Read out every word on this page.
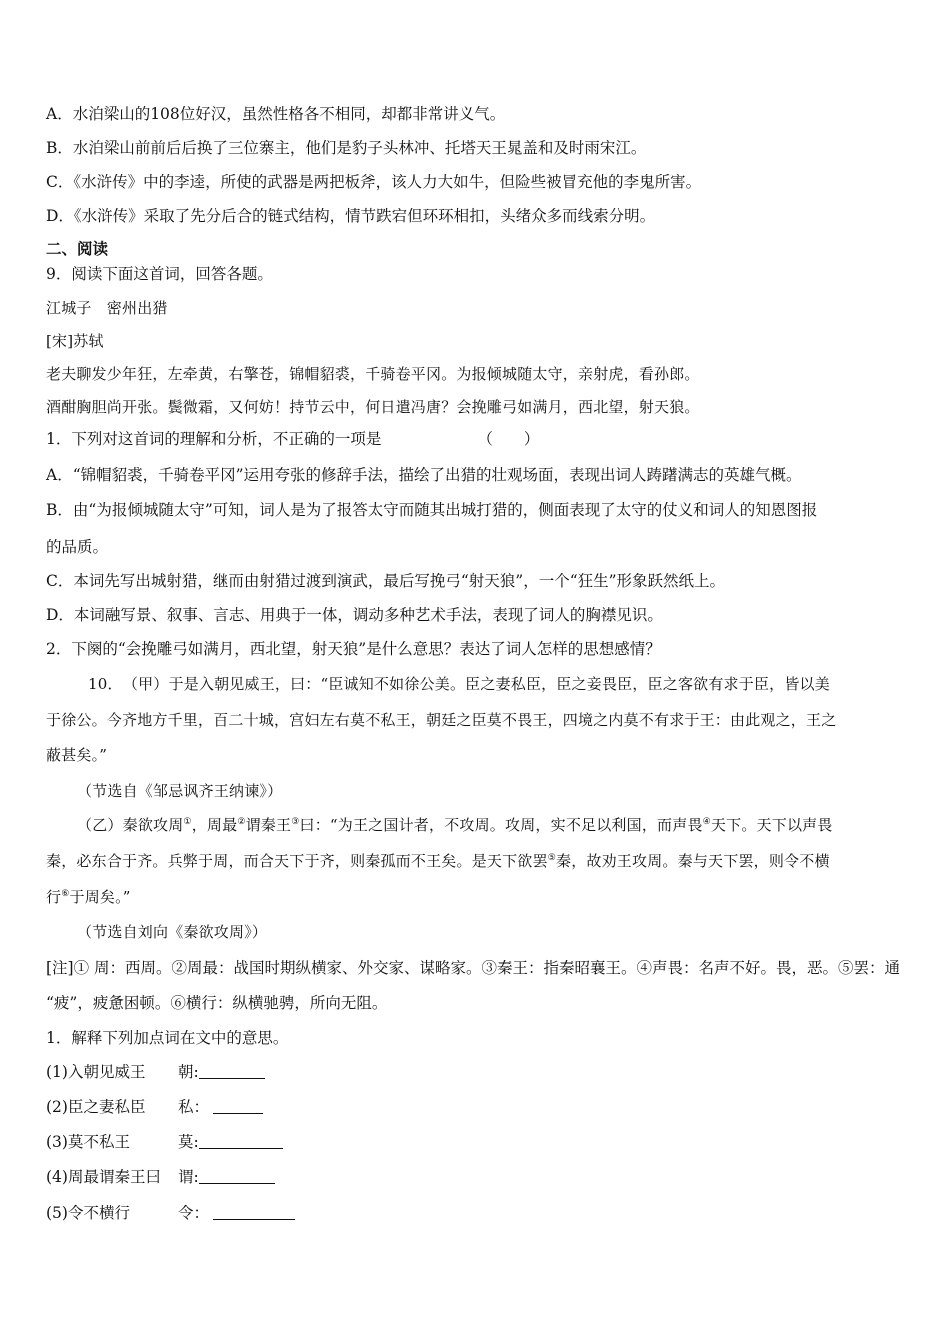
A．水泊梁山的108位好汉，虽然性格各不相同，却都非常讲义气。
B．水泊梁山前前后后换了三位寨主，他们是豹子头林冲、托塔天王晁盖和及时雨宋江。
C．《水浒传》中的李逵，所使的武器是两把板斧，该人力大如牛，但险些被冒充他的李鬼所害。
D．《水浒传》采取了先分后合的链式结构，情节跌宕但环环相扣，头绪众多而线索分明。
二、阅读
9．阅读下面这首词，回答各题。
江城子　密州出猎
[宋]苏轼
老夫聊发少年狂，左牵黄，右擎苍，锦帽貂裘，千骑卷平冈。为报倾城随太守，亲射虎，看孙郎。
酒酣胸胆尚开张。鬓微霜，又何妨！持节云中，何日遣冯唐？会挽雕弓如满月，西北望，射天狼。
1．下列对这首词的理解和分析，不正确的一项是	（　　）
A．“锦帽貂裘，千骑卷平冈”运用夸张的修辞手法，描绘了出猎的壮观场面，表现出词人踌躇满志的英雄气概。
B．由“为报倾城随太守”可知，词人是为了报答太守而随其出城打猎的，侧面表现了太守的仗义和词人的知恩图报
的品质。
C．本词先写出城射猎，继而由射猎过渡到演武，最后写挽弓“射天狼”，一个“狂生”形象跃然纸上。
D．本词融写景、叙事、言志、用典于一体，调动多种艺术手法，表现了词人的胸襟见识。
2．下阕的“会挽雕弓如满月，西北望，射天狼”是什么意思？表达了词人怎样的思想感情？
10．　（甲）于是入朝见威王，曰：“臣诚知不如徐公美。臣之妻私臣，臣之妾畏臣，臣之客欲有求于臣，皆以美
于徐公。今齐地方千里，百二十城，宫妇左右莫不私王，朝廷之臣莫不畏王，四境之内莫不有求于王：由此观之，王之
蔽甚矣。”
（节选自《邹忌讽齐王纳谏》）
（乙）秦欲攻周①，周最②谓秦王③曰：“为王之国计者，不攻周。攻周，实不足以利国，而声畏④天下。天下以声畏
秦，必东合于齐。兵弊于周，而合天下于齐，则秦孤而不王矣。是天下欲罢⑤秦，故劝王攻周。秦与天下罢，则令不横
行⑥于周矣。”
（节选自刘向《秦欲攻周》）
[注]① 周：西周。②周最：战国时期纵横家、外交家、谋略家。③秦王：指秦昭襄王。④声畏：名声不好。畏，恶。⑤罢：通
“疲”，疲惫困顿。⑥横行：纵横驰骋，所向无阻。
1．解释下列加点词在文中的意思。
(1)入朝见威王 朝:
(2)臣之妻私臣 私：
(3)莫不私王	莫:
(4)周最谓秦王曰 谓:
(5)令不横行	令：
